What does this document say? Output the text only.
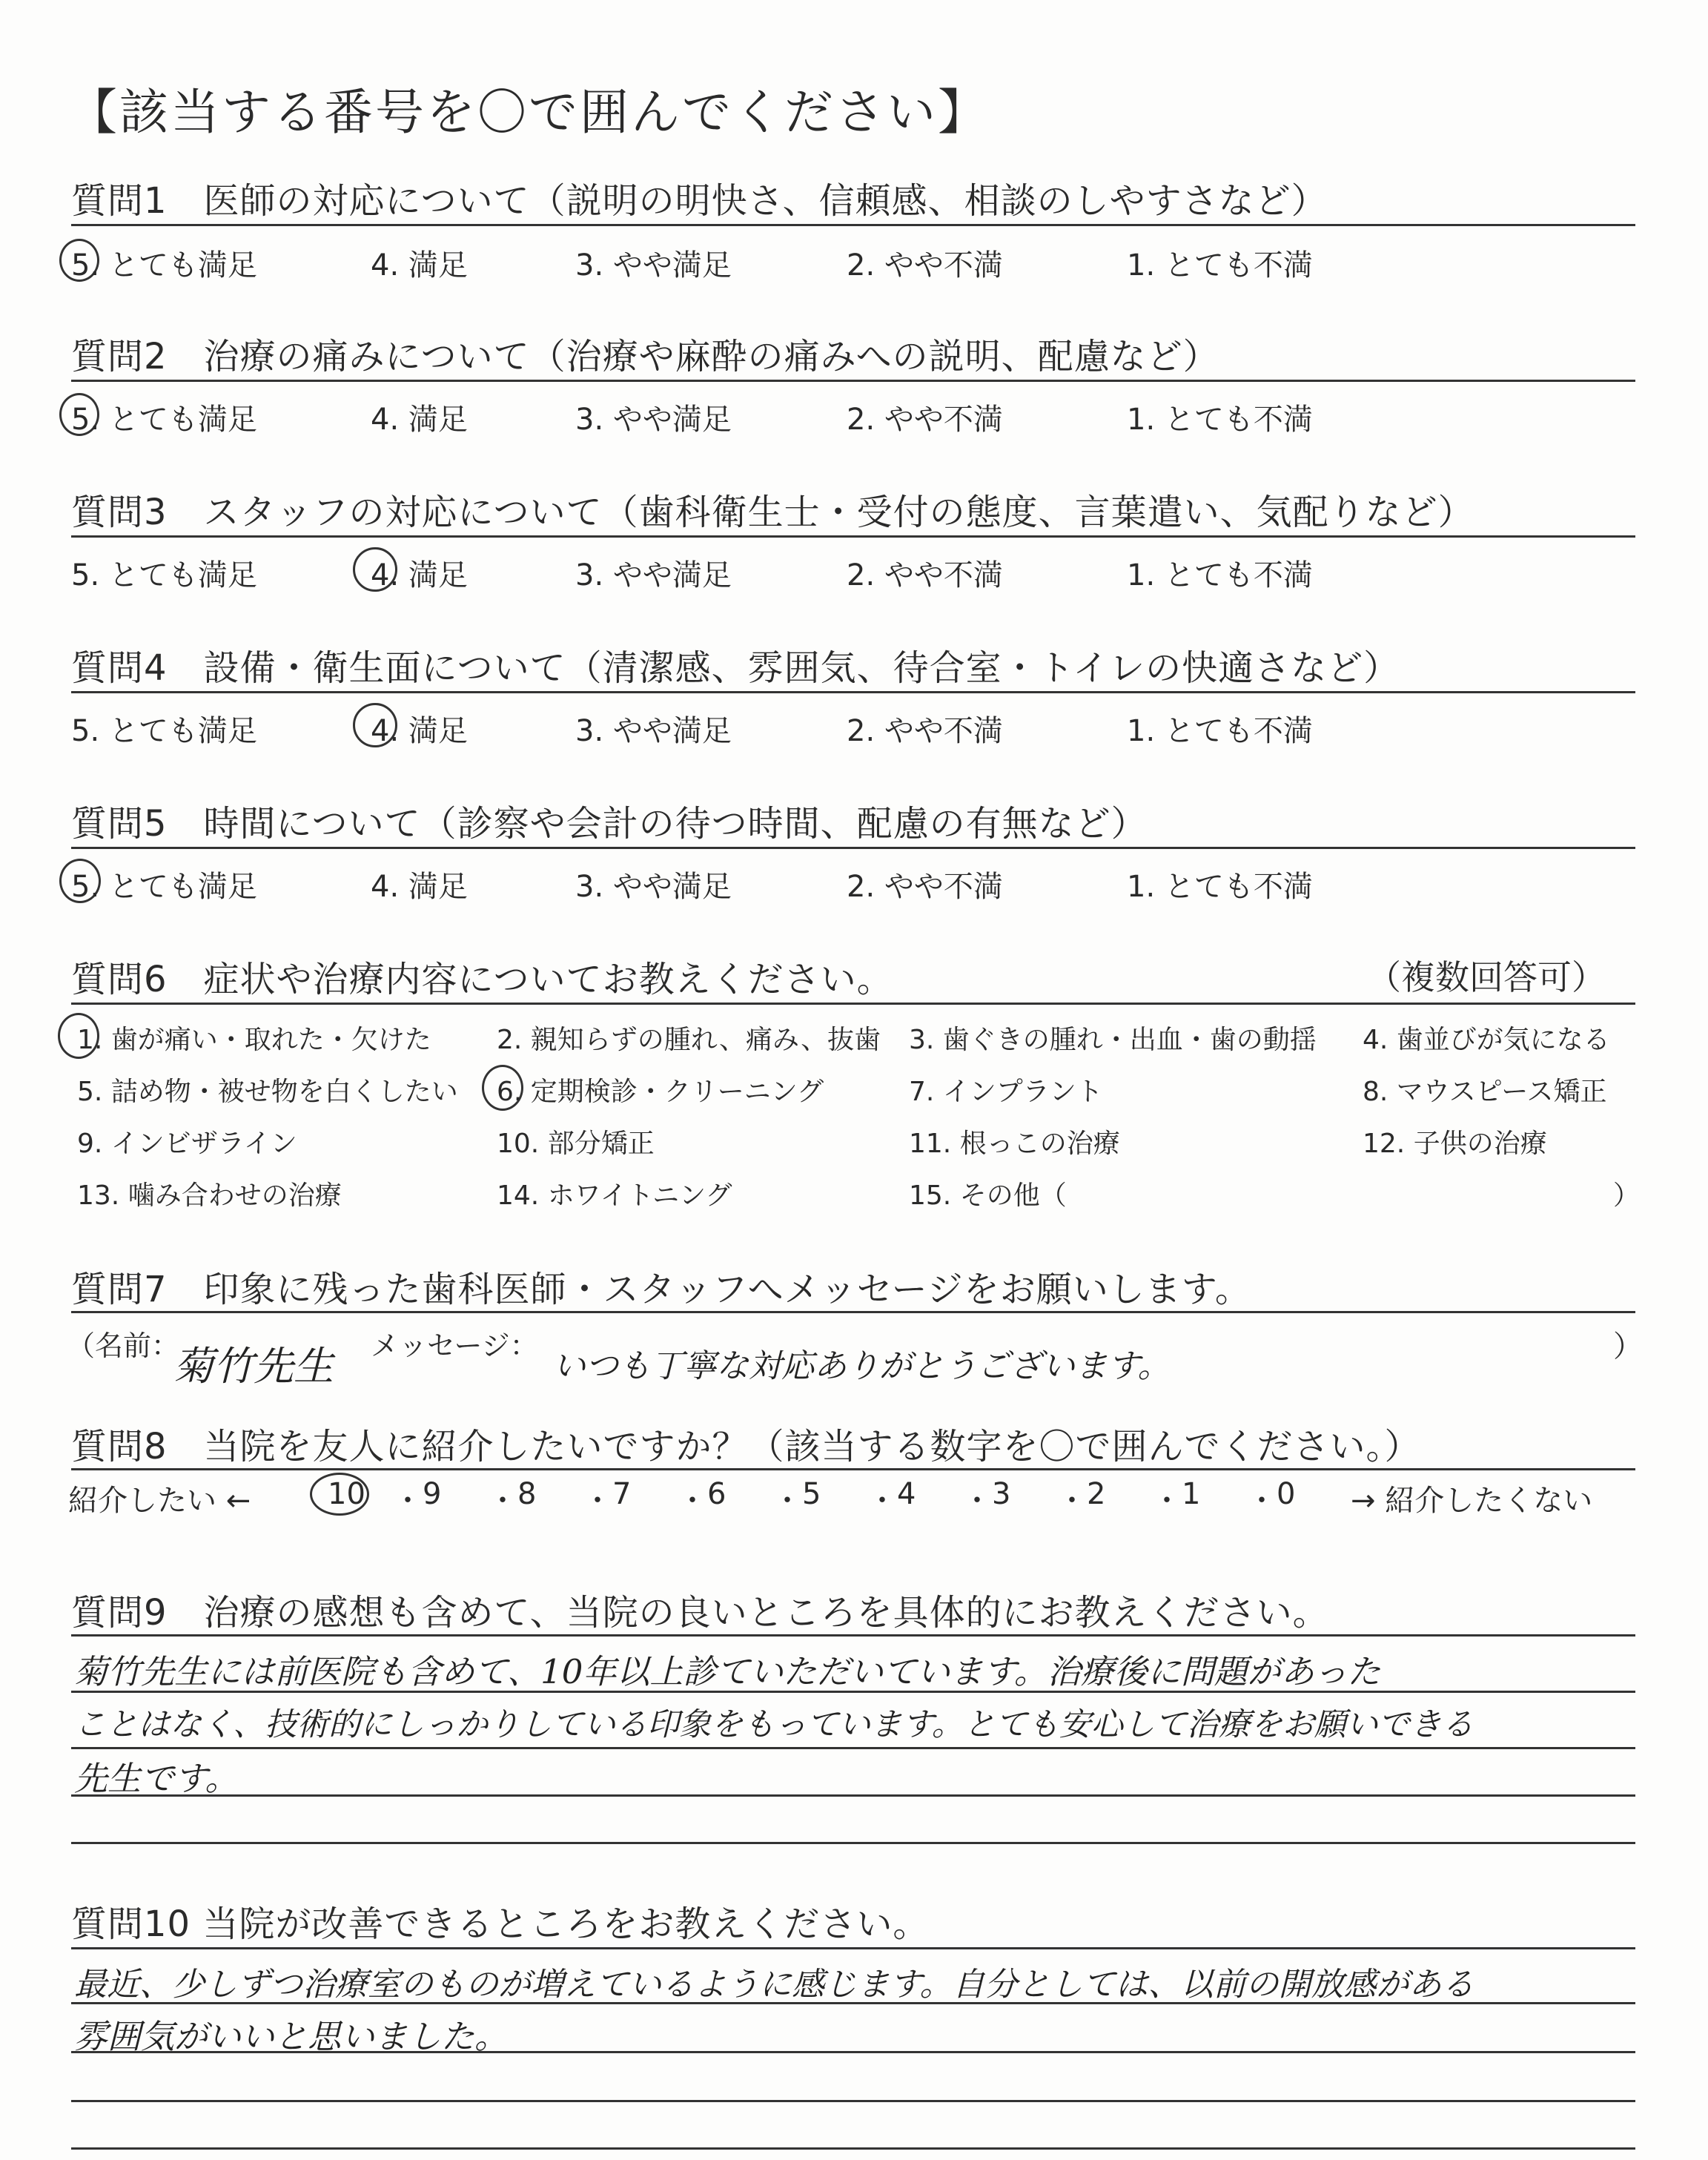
【該当する番号を〇で囲んでください】
質問1　医師の対応について（説明の明快さ、信頼感、相談のしやすさなど）
5. とても満足	4. 満足	3. やや満足	2. やや不満	1. とても不満
質問2　治療の痛みについて（治療や麻酔の痛みへの説明、配慮など）
5. とても満足	4. 満足	3. やや満足	2. やや不満	1. とても不満
質問3　スタッフの対応について（歯科衛生士・受付の態度、言葉遣い、気配りなど）
5. とても満足	4. 満足	3. やや満足	2. やや不満	1. とても不満
質問4　設備・衛生面について（清潔感、雰囲気、待合室・トイレの快適さなど）
5. とても満足	4. 満足	3. やや満足	2. やや不満	1. とても不満
質問5　時間について（診察や会計の待つ時間、配慮の有無など）
5. とても満足	4. 満足	3. やや満足	2. やや不満	1. とても不満
質問6　症状や治療内容についてお教えください。	（複数回答可）
1. 歯が痛い・取れた・欠けた 2. 親知らずの腫れ、痛み、抜歯 3. 歯ぐきの腫れ・出血・歯の動揺 4. 歯並びが気になる
5. 詰め物・被せ物を白くしたい 6. 定期検診・クリーニング	7. インプラント	8. マウスピース矯正
9. インビザライン	10. 部分矯正	11. 根っこの治療	12. 子供の治療
13. 噛み合わせの治療	14. ホワイトニング	15. その他（	）
質問7　印象に残った歯科医師・スタッフへメッセージをお願いします。
（名前：
菊竹先生 メッセージ：
いつも丁寧な対応ありがとうございます。
）
質問8　当院を友人に紹介したいですか？（該当する数字を〇で囲んでください。）
紹介したい ←	10 ・ 9 ・ 8 ・ 7 ・ 6 ・ 5 ・ 4 ・ 3 ・ 2 ・ 1 ・ 0 → 紹介したくない
質問9　治療の感想も含めて、当院の良いところを具体的にお教えください。
菊竹先生には前医院も含めて、10年以上診ていただいています。治療後に問題があった
ことはなく、技術的にしっかりしている印象をもっています。とても安心して治療をお願いできる
先生です。
質問10 当院が改善できるところをお教えください。
最近、少しずつ治療室のものが増えているように感じます。自分としては、以前の開放感がある
雰囲気がいいと思いました。
